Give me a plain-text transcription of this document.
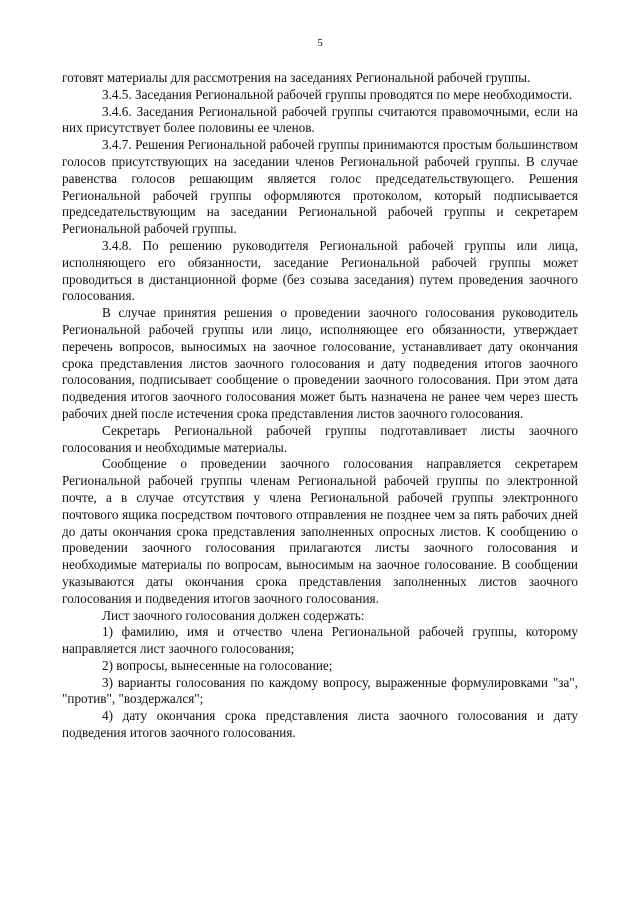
5

готовят материалы для рассмотрения на заседаниях Региональной рабочей группы.

3.4.5. Заседания Региональной рабочей группы проводятся по мере необходимости.

3.4.6. Заседания Региональной рабочей группы считаются правомочными, если на них присутствует более половины ее членов.

3.4.7. Решения Региональной рабочей группы принимаются простым большинством голосов присутствующих на заседании членов Региональной рабочей группы. В случае равенства голосов решающим является голос председательствующего. Решения Региональной рабочей группы оформляются протоколом, который подписывается председательствующим на заседании Региональной рабочей группы и секретарем Региональной рабочей группы.

3.4.8. По решению руководителя Региональной рабочей группы или лица, исполняющего его обязанности, заседание Региональной рабочей группы может проводиться в дистанционной форме (без созыва заседания) путем проведения заочного голосования.

В случае принятия решения о проведении заочного голосования руководитель Региональной рабочей группы или лицо, исполняющее его обязанности, утверждает перечень вопросов, выносимых на заочное голосование, устанавливает дату окончания срока представления листов заочного голосования и дату подведения итогов заочного голосования, подписывает сообщение о проведении заочного голосования. При этом дата подведения итогов заочного голосования может быть назначена не ранее чем через шесть рабочих дней после истечения срока представления листов заочного голосования.

Секретарь Региональной рабочей группы подготавливает листы заочного голосования и необходимые материалы.

Сообщение о проведении заочного голосования направляется секретарем Региональной рабочей группы членам Региональной рабочей группы по электронной почте, а в случае отсутствия у члена Региональной рабочей группы электронного почтового ящика посредством почтового отправления не позднее чем за пять рабочих дней до даты окончания срока представления заполненных опросных листов. К сообщению о проведении заочного голосования прилагаются листы заочного голосования и необходимые материалы по вопросам, выносимым на заочное голосование. В сообщении указываются даты окончания срока представления заполненных листов заочного голосования и подведения итогов заочного голосования.

Лист заочного голосования должен содержать:

1) фамилию, имя и отчество члена Региональной рабочей группы, которому направляется лист заочного голосования;

2) вопросы, вынесенные на голосование;

3) варианты голосования по каждому вопросу, выраженные формулировками "за", "против", "воздержался";

4) дату окончания срока представления листа заочного голосования и дату подведения итогов заочного голосования.
